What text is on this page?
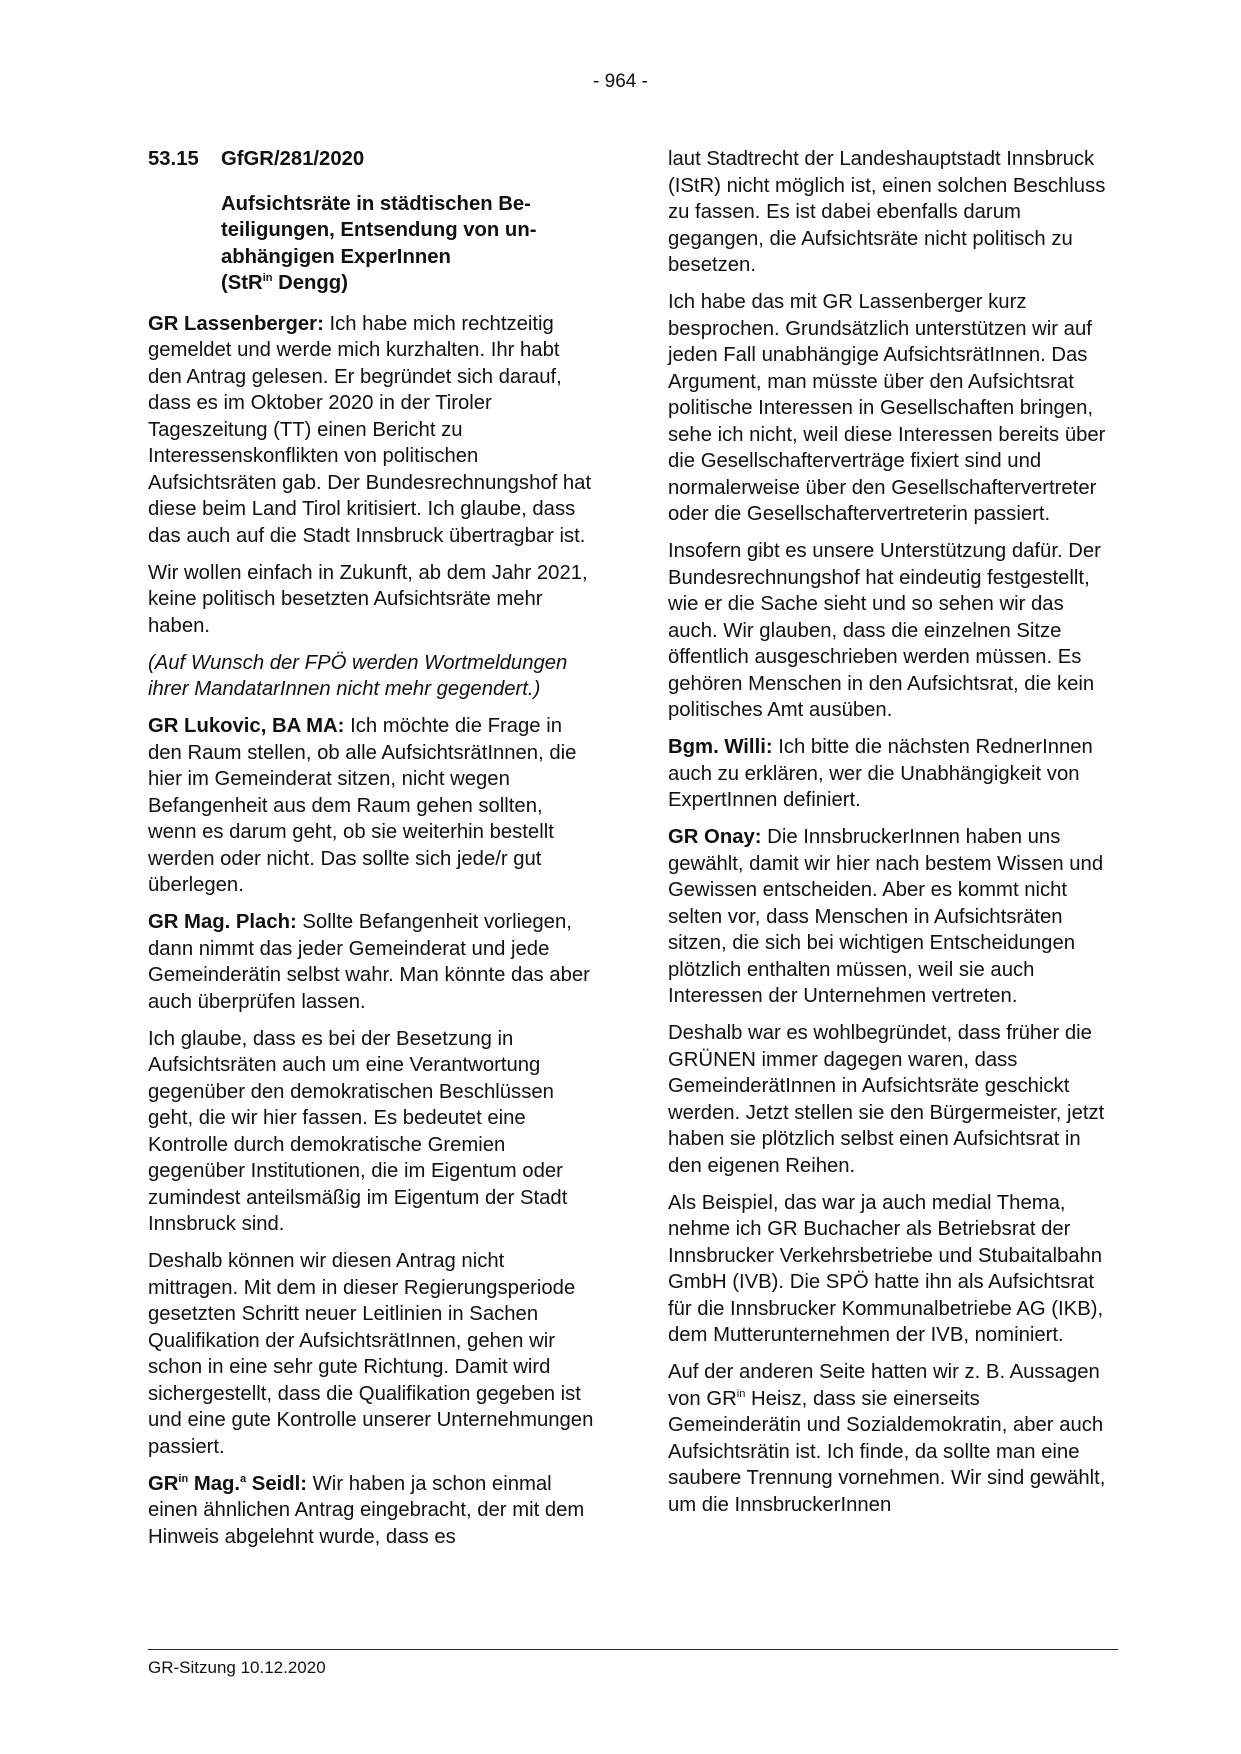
- 964 -
53.15	GfGR/281/2020
Aufsichtsräte in städtischen Be-
teiligungen, Entsendung von un-
abhängigen ExperInnen
(StR$^{in}$ Dengg)

GR Lassenberger: Ich habe mich rechtzeitig gemeldet und werde mich kurzhalten. Ihr habt den Antrag gelesen. Er begründet sich darauf, dass es im Oktober 2020 in der Tiroler Tageszeitung (TT) einen Bericht zu Interessenskonflikten von politischen Aufsichtsräten gab. Der Bundesrechnungshof hat diese beim Land Tirol kritisiert. Ich glaube, dass das auch auf die Stadt Innsbruck übertragbar ist.

Wir wollen einfach in Zukunft, ab dem Jahr 2021, keine politisch besetzten Aufsichtsräte mehr haben.

(Auf Wunsch der FPÖ werden Wortmeldungen ihrer MandatarInnen nicht mehr gegendert.)

GR Lukovic, BA MA: Ich möchte die Frage in den Raum stellen, ob alle AufsichtsrätInnen, die hier im Gemeinderat sitzen, nicht wegen Befangenheit aus dem Raum gehen sollten, wenn es darum geht, ob sie weiterhin bestellt werden oder nicht. Das sollte sich jede/r gut überlegen.

GR Mag. Plach: Sollte Befangenheit vorliegen, dann nimmt das jeder Gemeinderat und jede Gemeinderätin selbst wahr. Man könnte das aber auch überprüfen lassen.

Ich glaube, dass es bei der Besetzung in Aufsichtsräten auch um eine Verantwortung gegenüber den demokratischen Beschlüssen geht, die wir hier fassen. Es bedeutet eine Kontrolle durch demokratische Gremien gegenüber Institutionen, die im Eigentum oder zumindest anteilsmäßig im Eigentum der Stadt Innsbruck sind.

Deshalb können wir diesen Antrag nicht mittragen. Mit dem in dieser Regierungsperiode gesetzten Schritt neuer Leitlinien in Sachen Qualifikation der AufsichtsrätInnen, gehen wir schon in eine sehr gute Richtung. Damit wird sichergestellt, dass die Qualifikation gegeben ist und eine gute Kontrolle unserer Unternehmungen passiert.

$GR^{in}$ Mag.$^a$ Seidl: Wir haben ja schon einmal einen ähnlichen Antrag eingebracht, der mit dem Hinweis abgelehnt wurde, dass es

laut Stadtrecht der Landeshauptstadt Innsbruck (IStR) nicht möglich ist, einen solchen Beschluss zu fassen. Es ist dabei ebenfalls darum gegangen, die Aufsichtsräte nicht politisch zu besetzen.

Ich habe das mit GR Lassenberger kurz besprochen. Grundsätzlich unterstützen wir auf jeden Fall unabhängige AufsichtsrätInnen. Das Argument, man müsste über den Aufsichtsrat politische Interessen in Gesellschaften bringen, sehe ich nicht, weil diese Interessen bereits über die Gesellschafterverträge fixiert sind und normalerweise über den Gesellschaftervertreter oder die Gesellschaftervertreterin passiert.

Insofern gibt es unsere Unterstützung dafür. Der Bundesrechnungshof hat eindeutig festgestellt, wie er die Sache sieht und so sehen wir das auch. Wir glauben, dass die einzelnen Sitze öffentlich ausgeschrieben werden müssen. Es gehören Menschen in den Aufsichtsrat, die kein politisches Amt ausüben.

Bgm. Willi: Ich bitte die nächsten RednerInnen auch zu erklären, wer die Unabhängigkeit von ExpertInnen definiert.

GR Onay: Die InnsbruckerInnen haben uns gewählt, damit wir hier nach bestem Wissen und Gewissen entscheiden. Aber es kommt nicht selten vor, dass Menschen in Aufsichtsräten sitzen, die sich bei wichtigen Entscheidungen plötzlich enthalten müssen, weil sie auch Interessen der Unternehmen vertreten.

Deshalb war es wohlbegründet, dass früher die GRÜNEN immer dagegen waren, dass GemeinderätInnen in Aufsichtsräte geschickt werden. Jetzt stellen sie den Bürgermeister, jetzt haben sie plötzlich selbst einen Aufsichtsrat in den eigenen Reihen.

Als Beispiel, das war ja auch medial Thema, nehme ich GR Buchacher als Betriebsrat der Innsbrucker Verkehrsbetriebe und Stubaitalbahn GmbH (IVB). Die SPÖ hatte ihn als Aufsichtsrat für die Innsbrucker Kommunalbetriebe AG (IKB), dem Mutterunternehmen der IVB, nominiert.

Auf der anderen Seite hatten wir z. B. Aussagen von $GR^{in}$ Heisz, dass sie einerseits Gemeinderätin und Sozialdemokratin, aber auch Aufsichtsrätin ist. Ich finde, da sollte man eine saubere Trennung vornehmen. Wir sind gewählt, um die InnsbruckerInnen

GR-Sitzung 10.12.2020
